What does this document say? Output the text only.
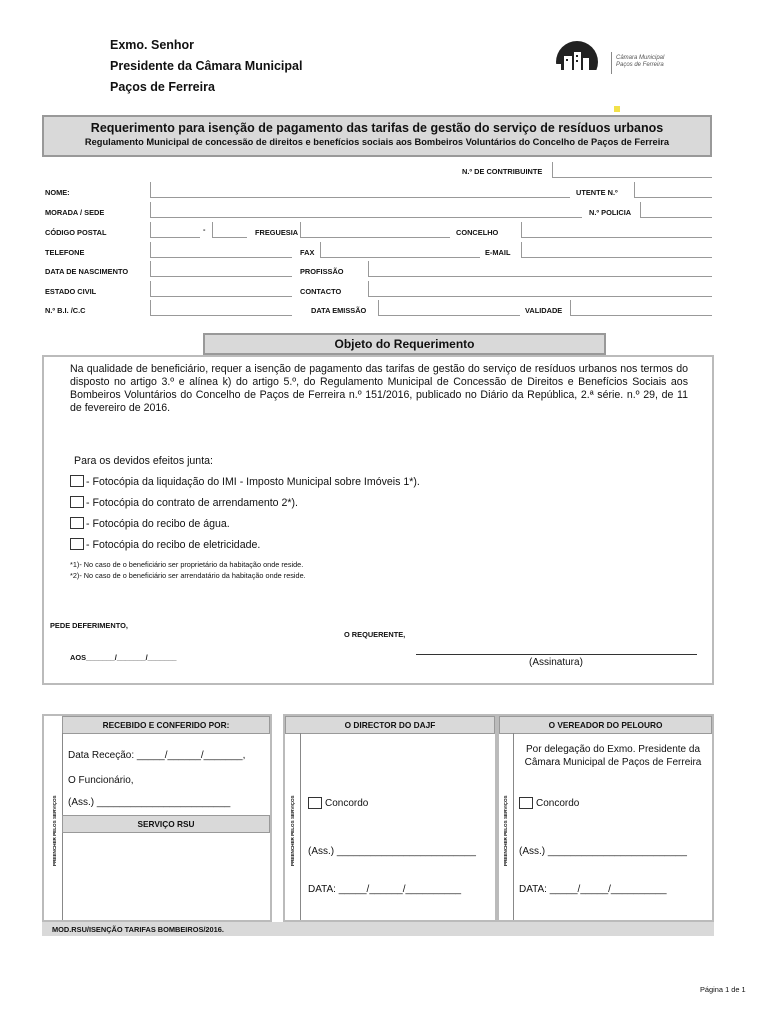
Exmo. Senhor
Presidente da Câmara Municipal
Paços de Ferreira
Câmara Municipal
Paços de Ferreira
Requerimento para isenção de pagamento das tarifas de gestão do serviço de resíduos urbanos
Regulamento Municipal de concessão de direitos e benefícios sociais aos Bombeiros Voluntários do Concelho de Paços de Ferreira
N.º DE CONTRIBUINTE
NOME:	UTENTE N.º
MORADA / SEDE	N.º POLICIA
CÓDIGO POSTAL	-	FREGUESIA	CONCELHO
TELEFONE	FAX	E-MAIL
DATA DE NASCIMENTO	PROFISSÃO
ESTADO CIVIL	CONTACTO
N.º B.I. /C.C	DATA EMISSÃO	VALIDADE
Objeto do Requerimento
Na qualidade de beneficiário, requer a isenção de pagamento das tarifas de gestão do serviço de resíduos urbanos nos termos do disposto no artigo 3.º e alínea k) do artigo 5.º, do Regulamento Municipal de Concessão de Direitos e Benefícios Sociais aos Bombeiros Voluntários do Concelho de Paços de Ferreira n.º 151/2016, publicado no Diário da República, 2.ª série. n.º 29, de 11 de fevereiro de 2016.
Para os devidos efeitos junta:
- Fotocópia da liquidação do IMI - Imposto Municipal sobre Imóveis 1*).
- Fotocópia do contrato de arrendamento 2*).
- Fotocópia do recibo de água.
- Fotocópia do recibo de eletricidade.
*1)- No caso de o beneficiário ser proprietário da habitação onde reside.
*2)- No caso de o beneficiário ser arrendatário da habitação onde reside.
PEDE DEFERIMENTO,
O REQUERENTE,
AOS_______/_______/_______	(Assinatura)
RECEBIDO E CONFERIDO POR:
PREENCHER PELOS SERVIÇOS
Data Receção: _____/______/_______,
O Funcionário,
(Ass.) ________________________
SERVIÇO RSU
O DIRECTOR DO DAJF
PREENCHER PELOS SERVIÇOS	Concordo
(Ass.) _________________________
DATA: _____/______/__________
O VEREADOR DO PELOURO
PREENCHER PELOS SERVIÇOS
Por delegação do Exmo. Presidente da Câmara Municipal de Paços de Ferreira
Concordo
(Ass.) _________________________
DATA: _____/_____/__________
MOD.RSU/ISENÇÃO TARIFAS BOMBEIROS/2016.
Página 1 de 1
